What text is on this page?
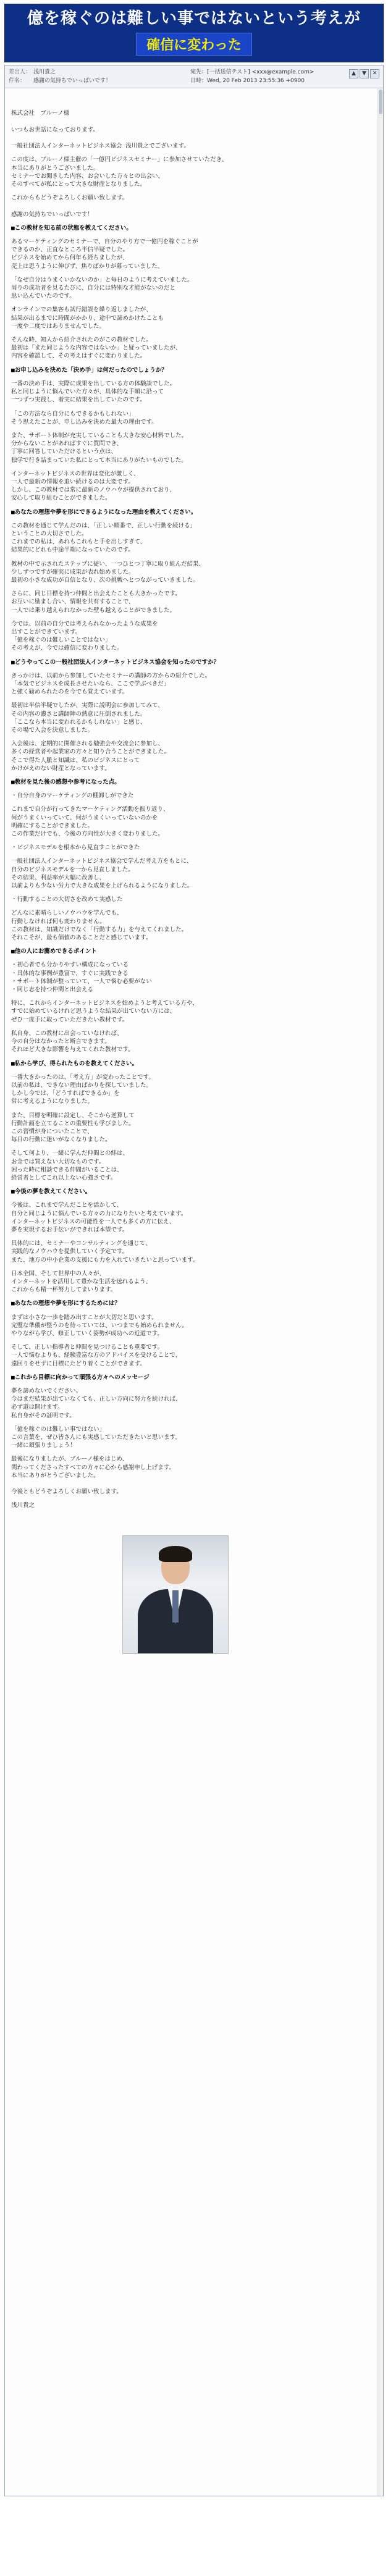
億を稼ぐのは難しい事ではないという考えが
確信に変わった
差出人： 浅川貴之	宛先：[一括送信テスト] <xxx@example.com>
件名： 感謝の気持ちでいっぱいです！	日時：Wed, 20 Feb 2013 23:55:36 +0900
▲ ▼ ✕

株式会社　ブルーノ様

いつもお世話になっております。

一般社団法人インターネットビジネス協会 浅川貴之でございます。
この度は、ブルーノ様主催の「一億円ビジネスセミナー」に参加させていただき、
本当にありがとうございました。
セミナーでお聞きした内容、お会いした方々との出会い、
そのすべてが私にとって大きな財産となりました。
これからもどうぞよろしくお願い致します。

感謝の気持ちでいっぱいです！
■この教材を知る前の状態を教えてください。
あるマーケティングのセミナーで、自分のやり方で一億円を稼ぐことが
できるのか、正直なところ半信半疑でした。
ビジネスを始めてから何年も経ちましたが、
売上は思うように伸びず、焦りばかりが募っていました。
「なぜ自分はうまくいかないのか」と毎日のように考えていました。
周りの成功者を見るたびに、自分には特別な才能がないのだと
思い込んでいたのです。
オンラインでの集客も試行錯誤を繰り返しましたが、
結果が出るまでに時間がかかり、途中で諦めかけたことも
一度や二度ではありませんでした。
そんな時、知人から紹介されたのがこの教材でした。
最初は「また同じような内容ではないか」と疑っていましたが、
内容を確認して、その考えはすぐに変わりました。
■お申し込みを決めた「決め手」は何だったのでしょうか？
一番の決め手は、実際に成果を出している方の体験談でした。
私と同じように悩んでいた方々が、具体的な手順に沿って
一つずつ実践し、着実に結果を出していたのです。
「この方法なら自分にもできるかもしれない」
そう思えたことが、申し込みを決めた最大の理由です。
また、サポート体制が充実していることも大きな安心材料でした。
分からないことがあればすぐに質問でき、
丁寧に回答していただけるという点は、
独学で行き詰まっていた私にとって本当にありがたいものでした。
インターネットビジネスの世界は変化が激しく、
一人で最新の情報を追い続けるのは大変です。
しかし、この教材では常に最新のノウハウが提供されており、
安心して取り組むことができました。
■あなたの理想や夢を形にできるようになった理由を教えてください。
この教材を通じて学んだのは、「正しい順番で、正しい行動を続ける」
ということの大切さでした。
これまでの私は、あれもこれもと手を出しすぎて、
結果的にどれも中途半端になっていたのです。
教材の中で示されたステップに従い、一つひとつ丁寧に取り組んだ結果、
少しずつですが確実に成果が表れ始めました。
最初の小さな成功が自信となり、次の挑戦へとつながっていきました。
さらに、同じ目標を持つ仲間と出会えたことも大きかったです。
お互いに励まし合い、情報を共有することで、
一人では乗り越えられなかった壁も越えることができました。
今では、以前の自分では考えられなかったような成果を
出すことができています。
「億を稼ぐのは難しいことではない」
その考えが、今では確信に変わりました。
■どうやってこの一般社団法人インターネットビジネス協会を知ったのですか？
きっかけは、以前から参加していたセミナーの講師の方からの紹介でした。
「本気でビジネスを成長させたいなら、ここで学ぶべきだ」
と強く勧められたのを今でも覚えています。
最初は半信半疑でしたが、実際に説明会に参加してみて、
その内容の濃さと講師陣の熱意に圧倒されました。
「ここなら本当に変われるかもしれない」と感じ、
その場で入会を決意しました。
入会後は、定期的に開催される勉強会や交流会に参加し、
多くの経営者や起業家の方々と知り合うことができました。
そこで得た人脈と知識は、私のビジネスにとって
かけがえのない財産となっています。
■教材を見た後の感想や参考になった点。
・自分自身のマーケティングの棚卸しができた
これまで自分が行ってきたマーケティング活動を振り返り、
何がうまくいっていて、何がうまくいっていないのかを
明確にすることができました。
この作業だけでも、今後の方向性が大きく変わりました。
・ビジネスモデルを根本から見直すことができた
一般社団法人インターネットビジネス協会で学んだ考え方をもとに、
自分のビジネスモデルを一から見直しました。
その結果、利益率が大幅に改善し、
以前よりも少ない労力で大きな成果を上げられるようになりました。
・行動することの大切さを改めて実感した
どんなに素晴らしいノウハウを学んでも、
行動しなければ何も変わりません。
この教材は、知識だけでなく「行動する力」を与えてくれました。
それこそが、最も価値のあることだと感じています。
■他の人にお薦めできるポイント
・初心者でも分かりやすい構成になっている
・具体的な事例が豊富で、すぐに実践できる
・サポート体制が整っていて、一人で悩む必要がない
・同じ志を持つ仲間と出会える
特に、これからインターネットビジネスを始めようと考えている方や、
すでに始めているけれど思うような結果が出ていない方には、
ぜひ一度手に取っていただきたい教材です。
私自身、この教材に出会っていなければ、
今の自分はなかったと断言できます。
それほど大きな影響を与えてくれた教材です。
■私から学び、得られたものを教えてください。
一番大きかったのは、「考え方」が変わったことです。
以前の私は、できない理由ばかりを探していました。
しかし今では、「どうすればできるか」を
常に考えるようになりました。
また、目標を明確に設定し、そこから逆算して
行動計画を立てることの重要性も学びました。
この習慣が身についたことで、
毎日の行動に迷いがなくなりました。
そして何より、一緒に学んだ仲間との絆は、
お金では買えない大切なものです。
困った時に相談できる仲間がいることは、
経営者としてこれ以上ない心強さです。
■今後の夢を教えてください。
今後は、これまで学んだことを活かして、
自分と同じように悩んでいる方々の力になりたいと考えています。
インターネットビジネスの可能性を一人でも多くの方に伝え、
夢を実現するお手伝いができれば本望です。
具体的には、セミナーやコンサルティングを通じて、
実践的なノウハウを提供していく予定です。
また、地方の中小企業の支援にも力を入れていきたいと思っています。
日本全国、そして世界中の人々が、
インターネットを活用して豊かな生活を送れるよう、
これからも精一杯努力してまいります。
■あなたの理想や夢を形にするためには？
まずは小さな一歩を踏み出すことが大切だと思います。
完璧な準備が整うのを待っていては、いつまでも始められません。
やりながら学び、修正していく姿勢が成功への近道です。
そして、正しい指導者と仲間を見つけることも重要です。
一人で悩むよりも、経験豊富な方のアドバイスを受けることで、
遠回りをせずに目標にたどり着くことができます。
■これから目標に向かって頑張る方々へのメッセージ
夢を諦めないでください。
今はまだ結果が出ていなくても、正しい方向に努力を続ければ、
必ず道は開けます。
私自身がその証明です。
「億を稼ぐのは難しい事ではない」
この言葉を、ぜひ皆さんにも実感していただきたいと思います。
一緒に頑張りましょう！
最後になりましたが、ブルーノ様をはじめ、
関わってくださったすべての方々に心から感謝申し上げます。
本当にありがとうございました。

今後ともどうぞよろしくお願い致します。
浅川貴之
